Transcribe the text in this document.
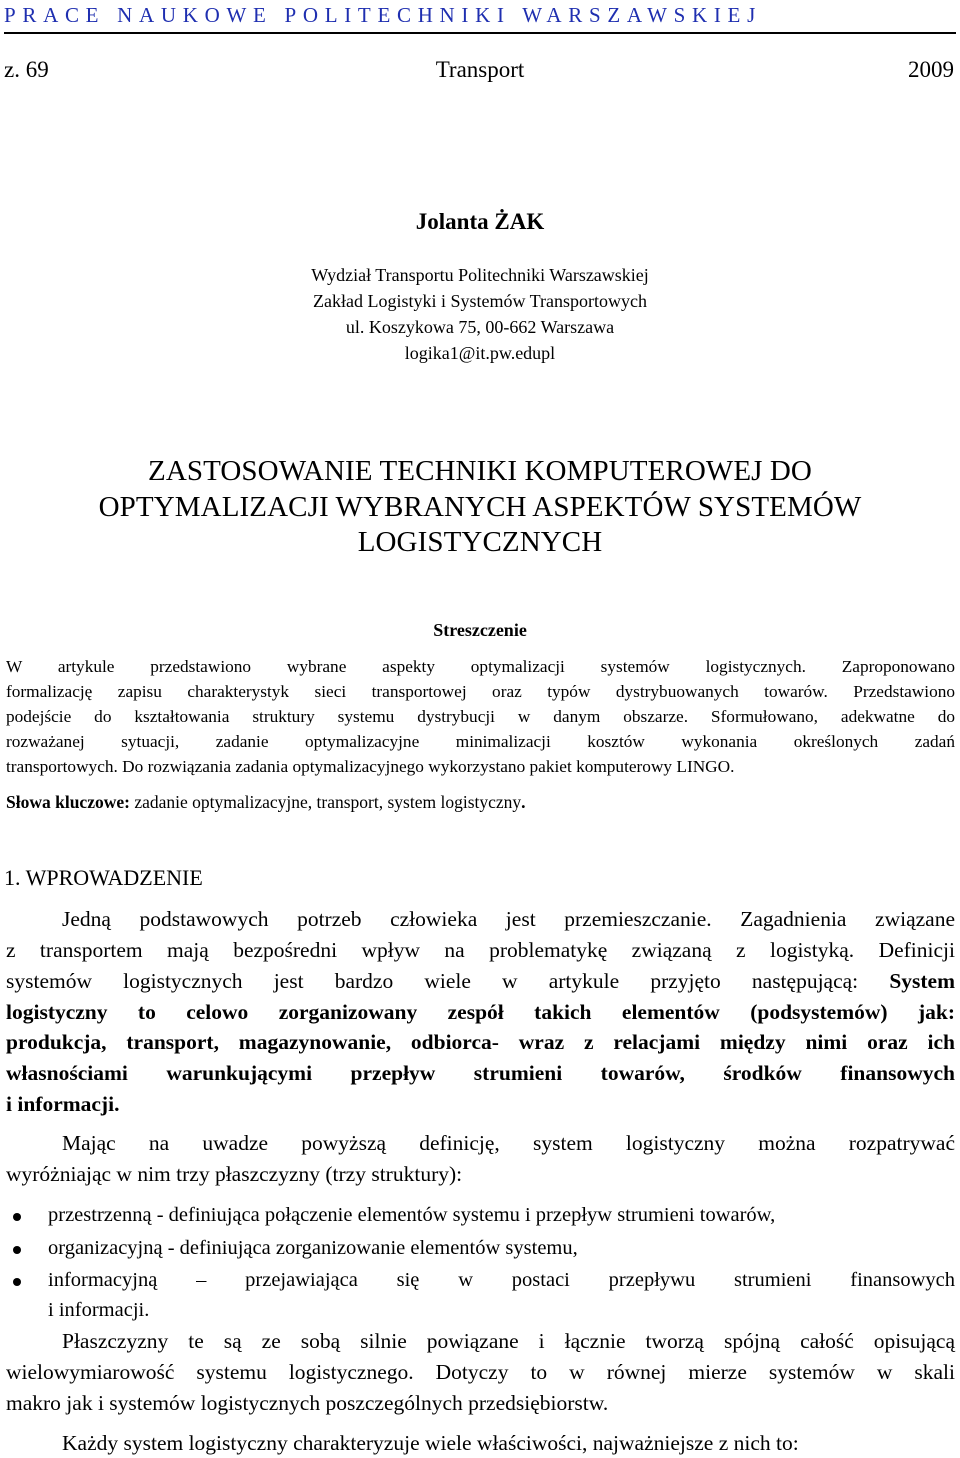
PRACE NAUKOWE POLITECHNIKI WARSZAWSKIEJ
z. 69	Transport	2009
Jolanta ŻAK
Wydział Transportu Politechniki Warszawskiej
Zakład Logistyki i Systemów Transportowych
ul. Koszykowa 75, 00-662 Warszawa
logika1@it.pw.edupl
ZASTOSOWANIE TECHNIKI KOMPUTEROWEJ DO
OPTYMALIZACJI WYBRANYCH ASPEKTÓW SYSTEMÓW
LOGISTYCZNYCH
Streszczenie
W artykule przedstawiono wybrane aspekty optymalizacji systemów logistycznych. Zaproponowano
formalizację zapisu charakterystyk sieci transportowej oraz typów dystrybuowanych towarów. Przedstawiono
podejście do kształtowania struktury systemu dystrybucji w danym obszarze. Sformułowano, adekwatne do
rozważanej sytuacji, zadanie optymalizacyjne minimalizacji kosztów wykonania określonych zadań
transportowych. Do rozwiązania zadania optymalizacyjnego wykorzystano pakiet komputerowy LINGO.
Słowa kluczowe: zadanie optymalizacyjne, transport, system logistyczny.
1. WPROWADZENIE
Jedną podstawowych potrzeb człowieka jest przemieszczanie. Zagadnienia związane
z transportem mają bezpośredni wpływ na problematykę związaną z logistyką. Definicji
systemów logistycznych jest bardzo wiele w artykule przyjęto następującą: System
logistyczny to celowo zorganizowany zespół takich elementów (podsystemów) jak:
produkcja, transport, magazynowanie, odbiorca- wraz z relacjami między nimi oraz ich
własnościami warunkującymi przepływ strumieni towarów, środków finansowych
i informacji.
Mając na uwadze powyższą definicję, system logistyczny można rozpatrywać
wyróżniając w nim trzy płaszczyzny (trzy struktury):
przestrzenną - definiująca połączenie elementów systemu i przepływ strumieni towarów,
organizacyjną - definiująca zorganizowanie elementów systemu,
informacyjną – przejawiająca się w postaci przepływu strumieni finansowych
i informacji.
Płaszczyzny te są ze sobą silnie powiązane i łącznie tworzą spójną całość opisującą
wielowymiarowość systemu logistycznego. Dotyczy to w równej mierze systemów w skali
makro jak i systemów logistycznych poszczególnych przedsiębiorstw.
Każdy system logistyczny charakteryzuje wiele właściwości, najważniejsze z nich to:
